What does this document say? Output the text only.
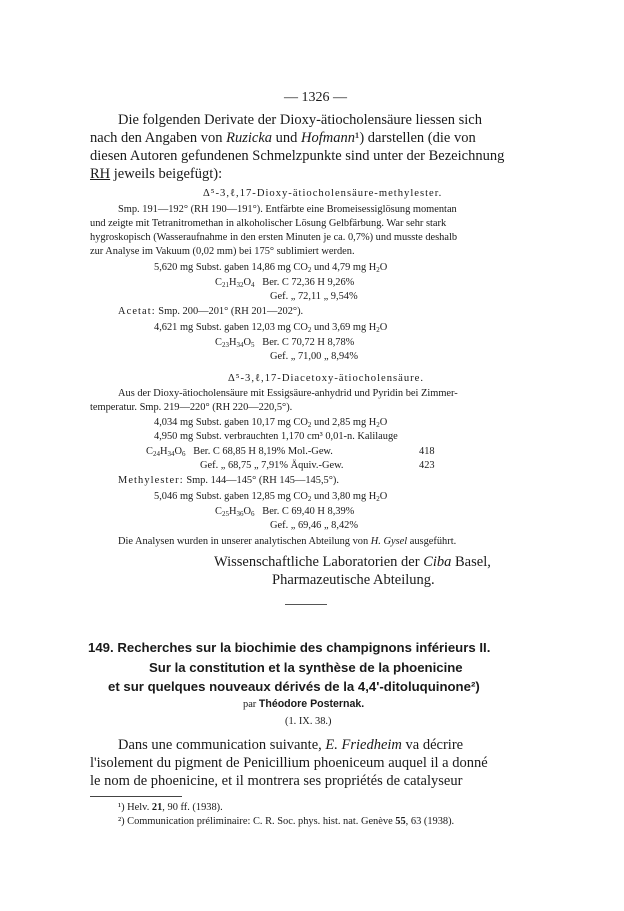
— 1326 —
Die folgenden Derivate der Dioxy-ätiocholensäure liessen sich
nach den Angaben von Ruzicka und Hofmann¹) darstellen (die von
diesen Autoren gefundenen Schmelzpunkte sind unter der Bezeichnung
RH jeweils beigefügt):
Δ⁵-3,ℓ,17-Dioxy-ätiocholensäure-methylester.
Smp. 191—192° (RH 190—191°). Entfärbte eine Bromeisessiglösung momentan
und zeigte mit Tetranitromethan in alkoholischer Lösung Gelbfärbung. War sehr stark
hygroskopisch (Wasseraufnahme in den ersten Minuten je ca. 0,7%) und musste deshalb
zur Analyse im Vakuum (0,02 mm) bei 175° sublimiert werden.
5,620 mg Subst. gaben 14,86 mg $CO_2$ und 4,79 mg $H_2O$
$C_{21}H_{32}O_4$ Ber. C 72,36 H 9,26%
Gef. „ 72,11 „ 9,54%
Acetat: Smp. 200—201° (RH 201—202°).
4,621 mg Subst. gaben 12,03 mg $CO_2$ und 3,69 mg $H_2O$
$C_{23}H_{34}O_5$ Ber. C 70,72 H 8,78%
Gef. „ 71,00 „ 8,94%
Δ⁵-3,ℓ,17-Diacetoxy-ätiocholensäure.
Aus der Dioxy-ätiocholensäure mit Essigsäure-anhydrid und Pyridin bei Zimmer-
temperatur. Smp. 219—220° (RH 220—220,5°).
4,034 mg Subst. gaben 10,17 mg $CO_2$ und 2,85 mg $H_2O$
4,950 mg Subst. verbrauchten 1,170 cm³ 0,01-n. Kalilauge
$C_{24}H_{34}O_6$ Ber. C 68,85 H 8,19% Mol.-Gew.	418
Gef. „ 68,75 „ 7,91% Äquiv.-Gew.	423
Methylester: Smp. 144—145° (RH 145—145,5°).
5,046 mg Subst. gaben 12,85 mg $CO_2$ und 3,80 mg $H_2O$
$C_{25}H_{36}O_6$ Ber. C 69,40 H 8,39%
Gef. „ 69,46 „ 8,42%
Die Analysen wurden in unserer analytischen Abteilung von H. Gysel ausgeführt.
Wissenschaftliche Laboratorien der Ciba Basel,
Pharmazeutische Abteilung.
149. Recherches sur la biochimie des champignons inférieurs II.
Sur la constitution et la synthèse de la phoenicine
et sur quelques nouveaux dérivés de la 4,4'-ditoluquinone²)
par Théodore Posternak.
(1. IX. 38.)
Dans une communication suivante, E. Friedheim va décrire
l'isolement du pigment de Penicillium phoeniceum auquel il a donné
le nom de phoenicine, et il montrera ses propriétés de catalyseur
¹) Helv. 21, 90 ff. (1938).
²) Communication préliminaire: C. R. Soc. phys. hist. nat. Genève 55, 63 (1938).
